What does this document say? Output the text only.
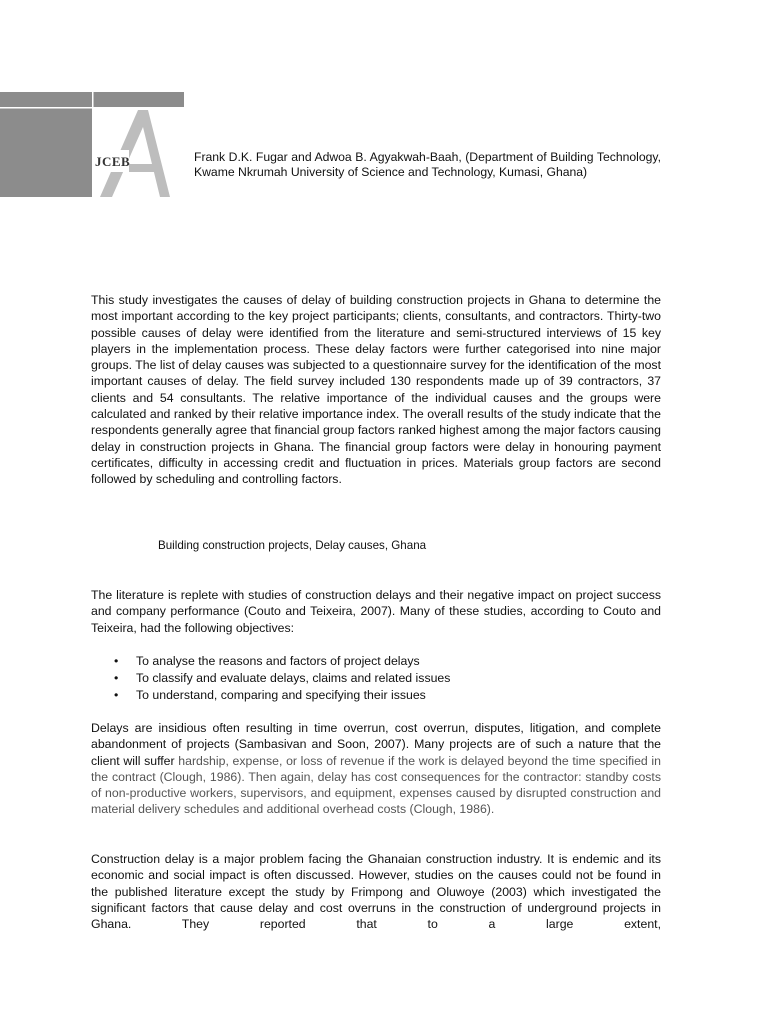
JCEB	Frank D.K. Fugar and Adwoa B. Agyakwah-Baah, (Department of Building Technology, Kwame Nkrumah University of Science and Technology, Kumasi, Ghana)

This study investigates the causes of delay of building construction projects in Ghana to determine the most important according to the key project participants; clients, consultants, and contractors. Thirty-two possible causes of delay were identified from the literature and semi-structured interviews of 15 key players in the implementation process. These delay factors were further categorised into nine major groups. The list of delay causes was subjected to a questionnaire survey for the identification of the most important causes of delay. The field survey included 130 respondents made up of 39 contractors, 37 clients and 54 consultants. The relative importance of the individual causes and the groups were calculated and ranked by their relative importance index. The overall results of the study indicate that the respondents generally agree that financial group factors ranked highest among the major factors causing delay in construction projects in Ghana. The financial group factors were delay in honouring payment certificates, difficulty in accessing credit and fluctuation in prices. Materials group factors are second followed by scheduling and controlling factors.

Building construction projects, Delay causes, Ghana

The literature is replete with studies of construction delays and their negative impact on project success and company performance (Couto and Teixeira, 2007). Many of these studies, according to Couto and Teixeira, had the following objectives:

• To analyse the reasons and factors of project delays
• To classify and evaluate delays, claims and related issues
• To understand, comparing and specifying their issues

Delays are insidious often resulting in time overrun, cost overrun, disputes, litigation, and complete abandonment of projects (Sambasivan and Soon, 2007). Many projects are of such a nature that the client will suffer hardship, expense, or loss of revenue if the work is delayed beyond the time specified in the contract (Clough, 1986). Then again, delay has cost consequences for the contractor: standby costs of non-productive workers, supervisors, and equipment, expenses caused by disrupted construction and material delivery schedules and additional overhead costs (Clough, 1986).

Construction delay is a major problem facing the Ghanaian construction industry. It is endemic and its economic and social impact is often discussed. However, studies on the causes could not be found in the published literature except the study by Frimpong and Oluwoye (2003) which investigated the significant factors that cause delay and cost overruns in the construction of underground projects in Ghana. They reported that to a large extent,
